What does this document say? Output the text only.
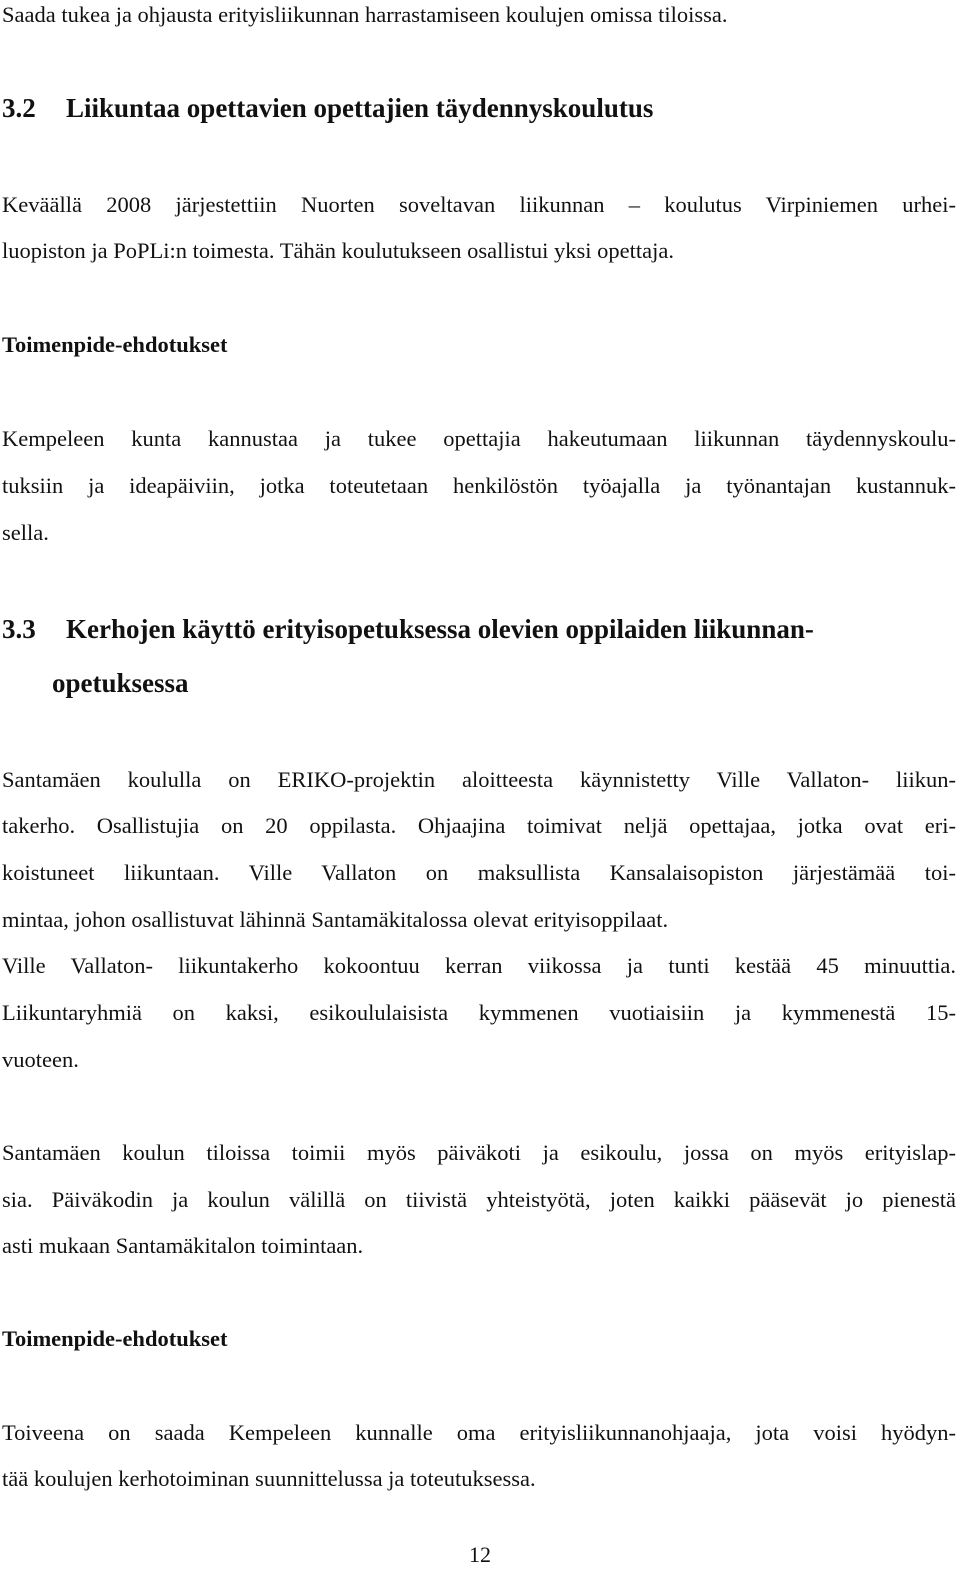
Saada tukea ja ohjausta erityisliikunnan harrastamiseen koulujen omissa tiloissa.
3.2 Liikuntaa opettavien opettajien täydennyskoulutus
Keväällä 2008 järjestettiin Nuorten soveltavan liikunnan – koulutus Virpiniemen urhei-
luopiston ja PoPLi:n toimesta. Tähän koulutukseen osallistui yksi opettaja.
Toimenpide-ehdotukset
Kempeleen kunta kannustaa ja tukee opettajia hakeutumaan liikunnan täydennyskoulu-
tuksiin ja ideapäiviin, jotka toteutetaan henkilöstön työajalla ja työnantajan kustannuk-
sella.
3.3 Kerhojen käyttö erityisopetuksessa olevien oppilaiden liikunnan-
opetuksessa
Santamäen koululla on ERIKO-projektin aloitteesta käynnistetty Ville Vallaton- liikun-
takerho. Osallistujia on 20 oppilasta. Ohjaajina toimivat neljä opettajaa, jotka ovat eri-
koistuneet liikuntaan. Ville Vallaton on maksullista Kansalaisopiston järjestämää toi-
mintaa, johon osallistuvat lähinnä Santamäkitalossa olevat erityisoppilaat.
Ville Vallaton- liikuntakerho kokoontuu kerran viikossa ja tunti kestää 45 minuuttia.
Liikuntaryhmiä on kaksi, esikoululaisista kymmenen vuotiaisiin ja kymmenestä 15-
vuoteen.
Santamäen koulun tiloissa toimii myös päiväkoti ja esikoulu, jossa on myös erityislap-
sia. Päiväkodin ja koulun välillä on tiivistä yhteistyötä, joten kaikki pääsevät jo pienestä
asti mukaan Santamäkitalon toimintaan.
Toimenpide-ehdotukset
Toiveena on saada Kempeleen kunnalle oma erityisliikunnanohjaaja, jota voisi hyödyn-
tää koulujen kerhotoiminan suunnittelussa ja toteutuksessa.
12
